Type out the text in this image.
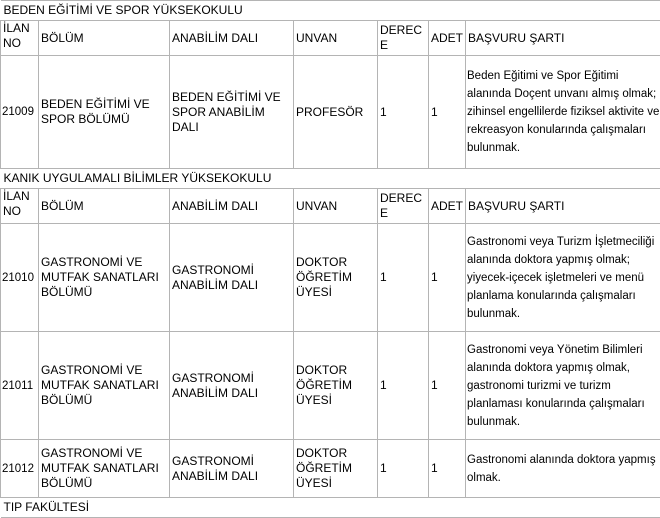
BEDEN EĞİTİMİ VE SPOR YÜKSEKOKULU						
İLAN NO	BÖLÜM	ANABİLİM DALI	UNVAN	DERECE	ADET	BAŞVURU ŞARTI
21009	BEDEN EĞİTİMİ VE SPOR BÖLÜMÜ	BEDEN EĞİTİMİ VE SPOR ANABİLİM DALI	PROFESÖR	1	1	Beden Eğitimi ve Spor Eğitimi alanında Doçent unvanı almış olmak; zihinsel engellilerde fiziksel aktivite ve rekreasyon konularında çalışmaları bulunmak.
KANIK UYGULAMALI BİLİMLER YÜKSEKOKULU						
İLAN NO	BÖLÜM	ANABİLİM DALI	UNVAN	DERECE	ADET	BAŞVURU ŞARTI
21010	GASTRONOMİ VE MUTFAK SANATLARI BÖLÜMÜ	GASTRONOMİ ANABİLİM DALI	DOKTOR ÖĞRETİM ÜYESİ	1	1	Gastronomi veya Turizm İşletmeciliği alanında doktora yapmış olmak; yiyecek-içecek işletmeleri ve menü planlama konularında çalışmaları bulunmak.
21011	GASTRONOMİ VE MUTFAK SANATLARI BÖLÜMÜ	GASTRONOMİ ANABİLİM DALI	DOKTOR ÖĞRETİM ÜYESİ	1	1	Gastronomi veya Yönetim Bilimleri alanında doktora yapmış olmak, gastronomi turizmi ve turizm planlaması konularında çalışmaları bulunmak.
21012	GASTRONOMİ VE MUTFAK SANATLARI BÖLÜMÜ	GASTRONOMİ ANABİLİM DALI	DOKTOR ÖĞRETİM ÜYESİ	1	1	Gastronomi alanında doktora yapmış olmak.
TIP FAKÜLTESİ						
